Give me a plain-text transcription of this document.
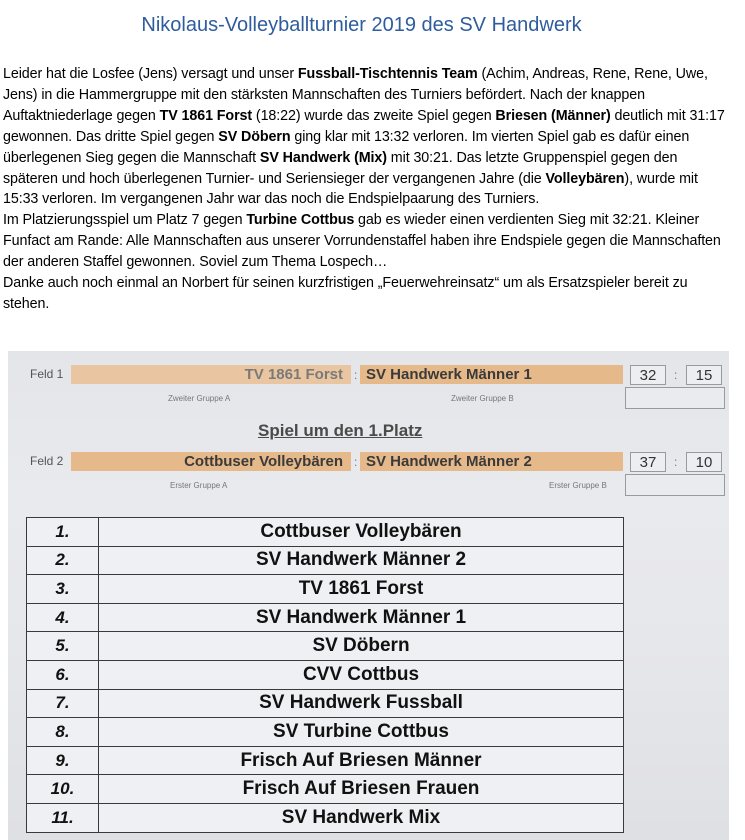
Nikolaus-Volleyballturnier 2019 des SV Handwerk

Leider hat die Losfee (Jens) versagt und unser Fussball-Tischtennis Team (Achim, Andreas, Rene, Rene, Uwe, Jens) in die Hammergruppe mit den stärksten Mannschaften des Turniers befördert. Nach der knappen Auftaktniederlage gegen TV 1861 Forst (18:22) wurde das zweite Spiel gegen Briesen (Männer) deutlich mit 31:17 gewonnen. Das dritte Spiel gegen SV Döbern ging klar mit 13:32 verloren. Im vierten Spiel gab es dafür einen überlegenen Sieg gegen die Mannschaft SV Handwerk (Mix) mit 30:21. Das letzte Gruppenspiel gegen den späteren und hoch überlegenen Turnier- und Seriensieger der vergangenen Jahre (die Volleybären), wurde mit 15:33 verloren. Im vergangenen Jahr war das noch die Endspielpaarung des Turniers.

Im Platzierungsspiel um Platz 7 gegen Turbine Cottbus gab es wieder einen verdienten Sieg mit 32:21. Kleiner Funfact am Rande: Alle Mannschaften aus unserer Vorrundenstaffel haben ihre Endspiele gegen die Mannschaften der anderen Staffel gewonnen. Soviel zum Thema Lospech…

Danke auch noch einmal an Norbert für seinen kurzfristigen „Feuerwehreinsatz“ um als Ersatzspieler bereit zu stehen.

Feld 1	TV 1861 Forst : SV Handwerk Männer 1	32	:	15
Zweiter Gruppe A	Zweiter Gruppe B
Spiel um den 1.Platz
Feld 2	Cottbuser Volleybären : SV Handwerk Männer 2	37	:	10
Erster Gruppe A	Erster Gruppe B
1.	Cottbuser Volleybären
2.	SV Handwerk Männer 2
3.	TV 1861 Forst
4.	SV Handwerk Männer 1
5.	SV Döbern
6.	CVV Cottbus
7.	SV Handwerk Fussball
8.	SV Turbine Cottbus
9.	Frisch Auf Briesen Männer
10.	Frisch Auf Briesen Frauen
11.	SV Handwerk Mix
